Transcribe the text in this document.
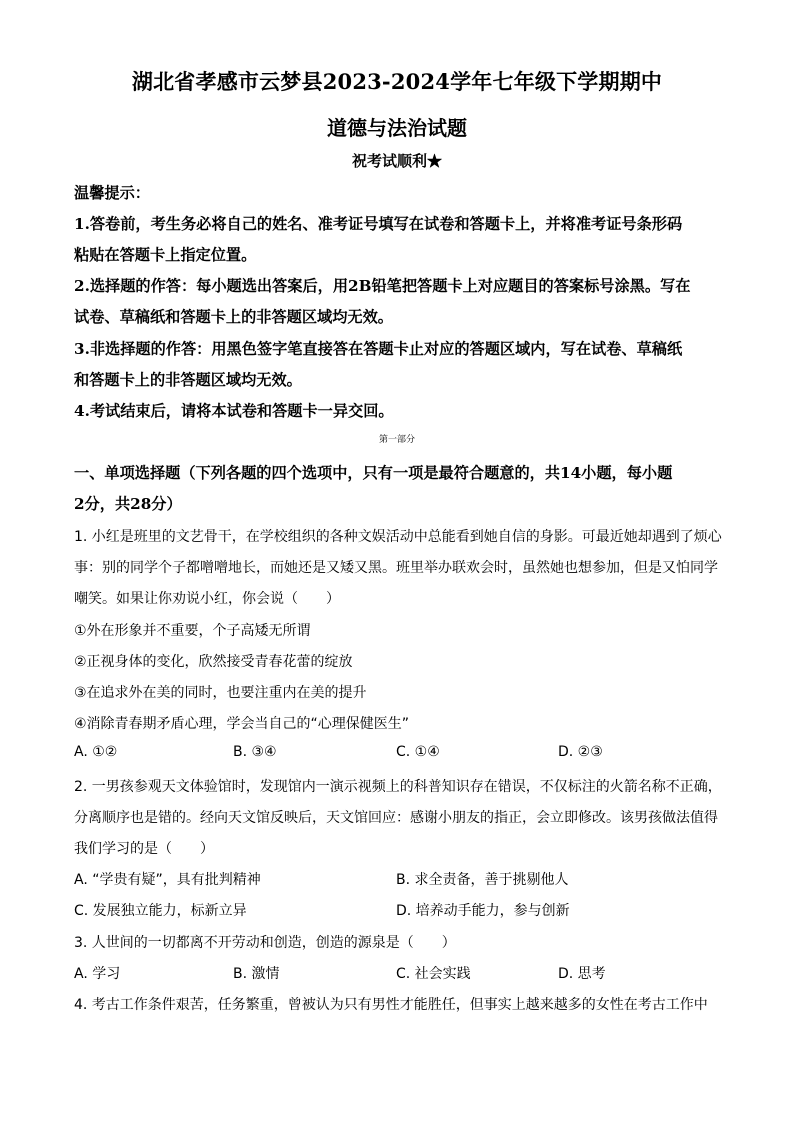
湖北省孝感市云梦县2023-2024学年七年级下学期期中
道德与法治试题
祝考试顺利★
温馨提示：
1.答卷前，考生务必将自己的姓名、准考证号填写在试卷和答题卡上，并将准考证号条形码
粘贴在答题卡上指定位置。
2.选择题的作答：每小题选出答案后，用2B铅笔把答题卡上对应题目的答案标号涂黑。写在
试卷、草稿纸和答题卡上的非答题区域均无效。
3.非选择题的作答：用黑色签字笔直接答在答题卡止对应的答题区域内，写在试卷、草稿纸
和答题卡上的非答题区域均无效。
4.考试结束后，请将本试卷和答题卡一异交回。
第一部分
一、单项选择题（下列各题的四个选项中，只有一项是最符合题意的，共14小题，每小题
2分，共28分）
1. 小红是班里的文艺骨干，在学校组织的各种文娱活动中总能看到她自信的身影。可最近她却遇到了烦心
事：别的同学个子都噌噌地长，而她还是又矮又黑。班里举办联欢会时，虽然她也想参加，但是又怕同学
嘲笑。如果让你劝说小红，你会说（　　）
①外在形象并不重要，个子高矮无所谓
②正视身体的变化，欣然接受青春花蕾的绽放
③在追求外在美的同时，也要注重内在美的提升
④消除青春期矛盾心理，学会当自己的“心理保健医生”
A. ①②	B. ③④	C. ①④	D. ②③
2. 一男孩参观天文体验馆时，发现馆内一演示视频上的科普知识存在错误，不仅标注的火箭名称不正确，
分离顺序也是错的。经向天文馆反映后，天文馆回应：感谢小朋友的指正，会立即修改。该男孩做法值得
我们学习的是（　　）
A. “学贵有疑”，具有批判精神	B. 求全责备，善于挑剔他人
C. 发展独立能力，标新立异	D. 培养动手能力，参与创新
3. 人世间的一切都离不开劳动和创造，创造的源泉是（　　）
A. 学习	B. 激情	C. 社会实践	D. 思考
4. 考古工作条件艰苦，任务繁重，曾被认为只有男性才能胜任，但事实上越来越多的女性在考古工作中
